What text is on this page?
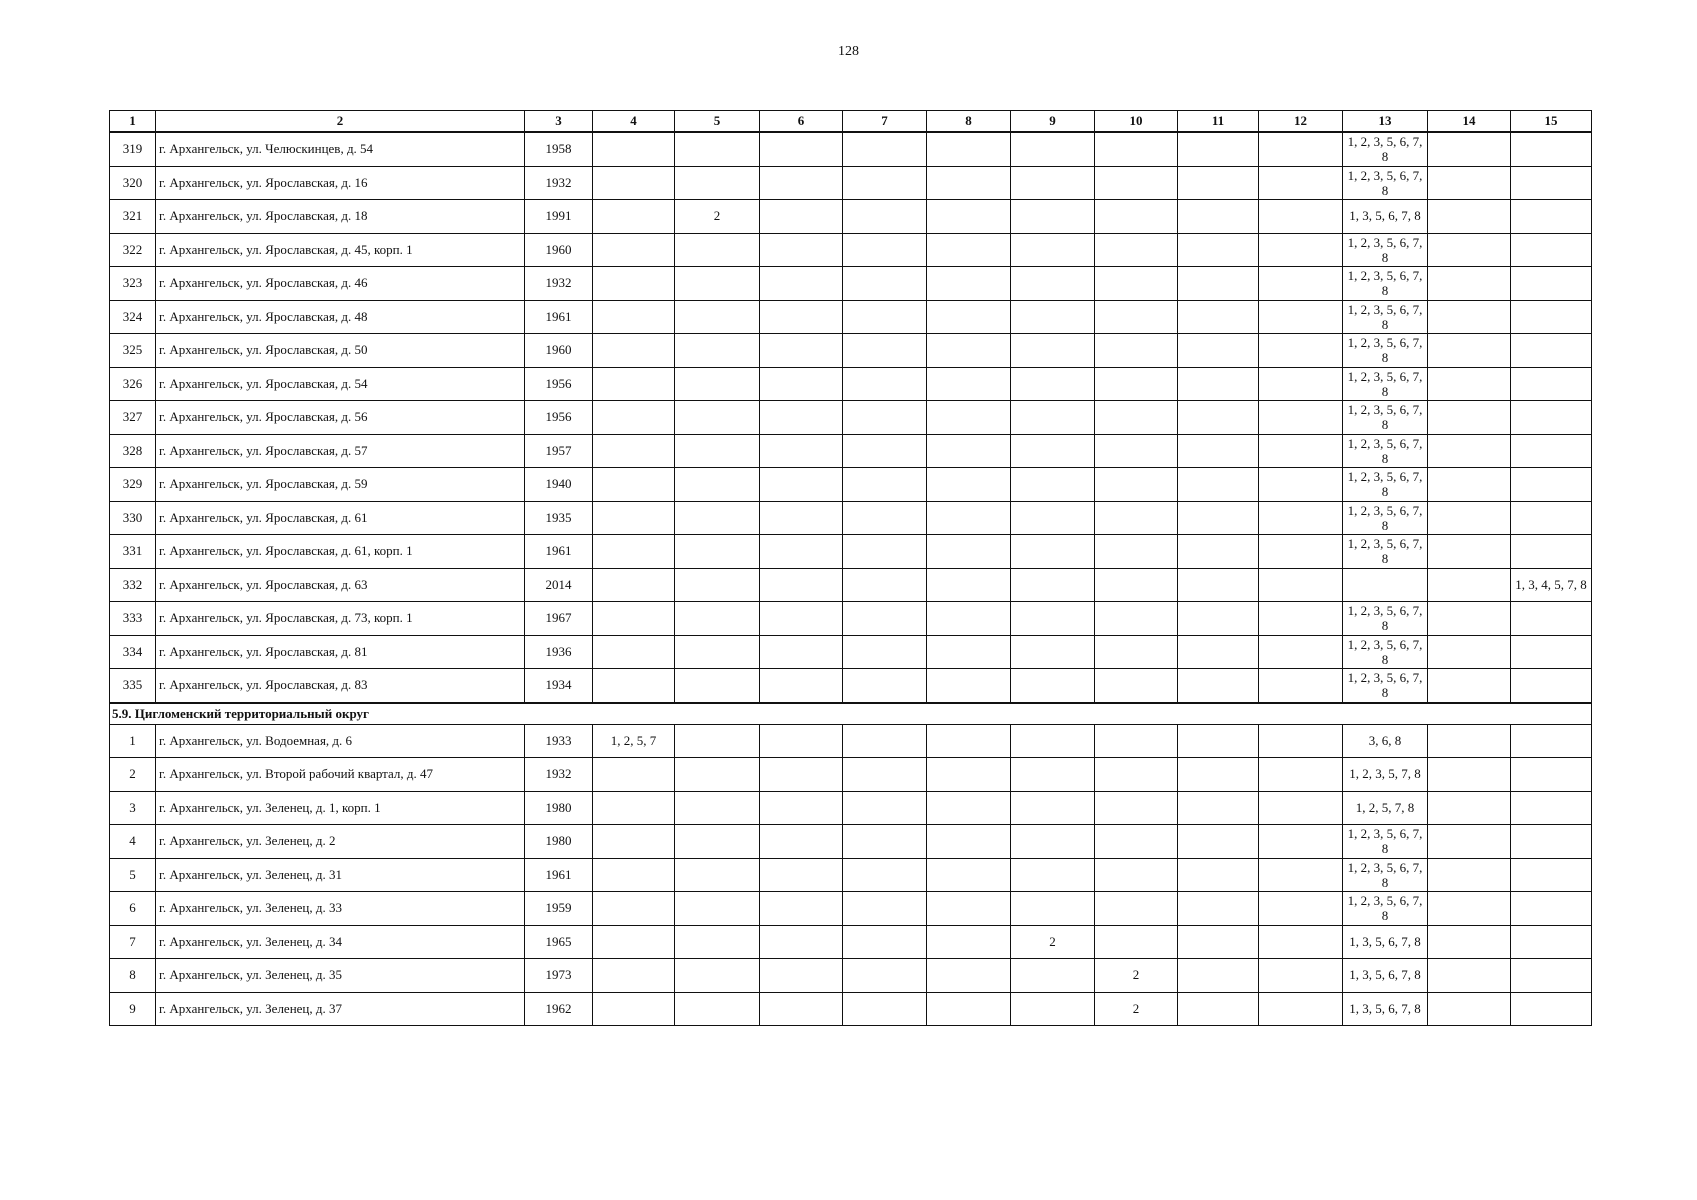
128
1	2	3	4	5	6	7	8	9	10	11	12	13	14	15
319	г. Архангельск, ул. Челюскинцев, д. 54	1958										1, 2, 3, 5, 6, 7, 8		
320	г. Архангельск, ул. Ярославская, д. 16	1932										1, 2, 3, 5, 6, 7, 8		
321	г. Архангельск, ул. Ярославская, д. 18	1991		2								1, 3, 5, 6, 7, 8		
322	г. Архангельск, ул. Ярославская, д. 45, корп. 1	1960										1, 2, 3, 5, 6, 7, 8		
323	г. Архангельск, ул. Ярославская, д. 46	1932										1, 2, 3, 5, 6, 7, 8		
324	г. Архангельск, ул. Ярославская, д. 48	1961										1, 2, 3, 5, 6, 7, 8		
325	г. Архангельск, ул. Ярославская, д. 50	1960										1, 2, 3, 5, 6, 7, 8		
326	г. Архангельск, ул. Ярославская, д. 54	1956										1, 2, 3, 5, 6, 7, 8		
327	г. Архангельск, ул. Ярославская, д. 56	1956										1, 2, 3, 5, 6, 7, 8		
328	г. Архангельск, ул. Ярославская, д. 57	1957										1, 2, 3, 5, 6, 7, 8		
329	г. Архангельск, ул. Ярославская, д. 59	1940										1, 2, 3, 5, 6, 7, 8		
330	г. Архангельск, ул. Ярославская, д. 61	1935										1, 2, 3, 5, 6, 7, 8		
331	г. Архангельск, ул. Ярославская, д. 61, корп. 1	1961										1, 2, 3, 5, 6, 7, 8		
332	г. Архангельск, ул. Ярославская, д. 63	2014												1, 3, 4, 5, 7, 8
333	г. Архангельск, ул. Ярославская, д. 73, корп. 1	1967										1, 2, 3, 5, 6, 7, 8		
334	г. Архангельск, ул. Ярославская, д. 81	1936										1, 2, 3, 5, 6, 7, 8		
335	г. Архангельск, ул. Ярославская, д. 83	1934										1, 2, 3, 5, 6, 7, 8		
5.9. Цигломенский территориальный округ														
1	г. Архангельск, ул. Водоемная, д. 6	1933	1, 2, 5, 7									3, 6, 8		
2	г. Архангельск, ул. Второй рабочий квартал, д. 47	1932										1, 2, 3, 5, 7, 8		
3	г. Архангельск, ул. Зеленец, д. 1, корп. 1	1980										1, 2, 5, 7, 8		
4	г. Архангельск, ул. Зеленец, д. 2	1980										1, 2, 3, 5, 6, 7, 8		
5	г. Архангельск, ул. Зеленец, д. 31	1961										1, 2, 3, 5, 6, 7, 8		
6	г. Архангельск, ул. Зеленец, д. 33	1959										1, 2, 3, 5, 6, 7, 8		
7	г. Архангельск, ул. Зеленец, д. 34	1965						2				1, 3, 5, 6, 7, 8		
8	г. Архангельск, ул. Зеленец, д. 35	1973							2			1, 3, 5, 6, 7, 8		
9	г. Архангельск, ул. Зеленец, д. 37	1962							2			1, 3, 5, 6, 7, 8		
